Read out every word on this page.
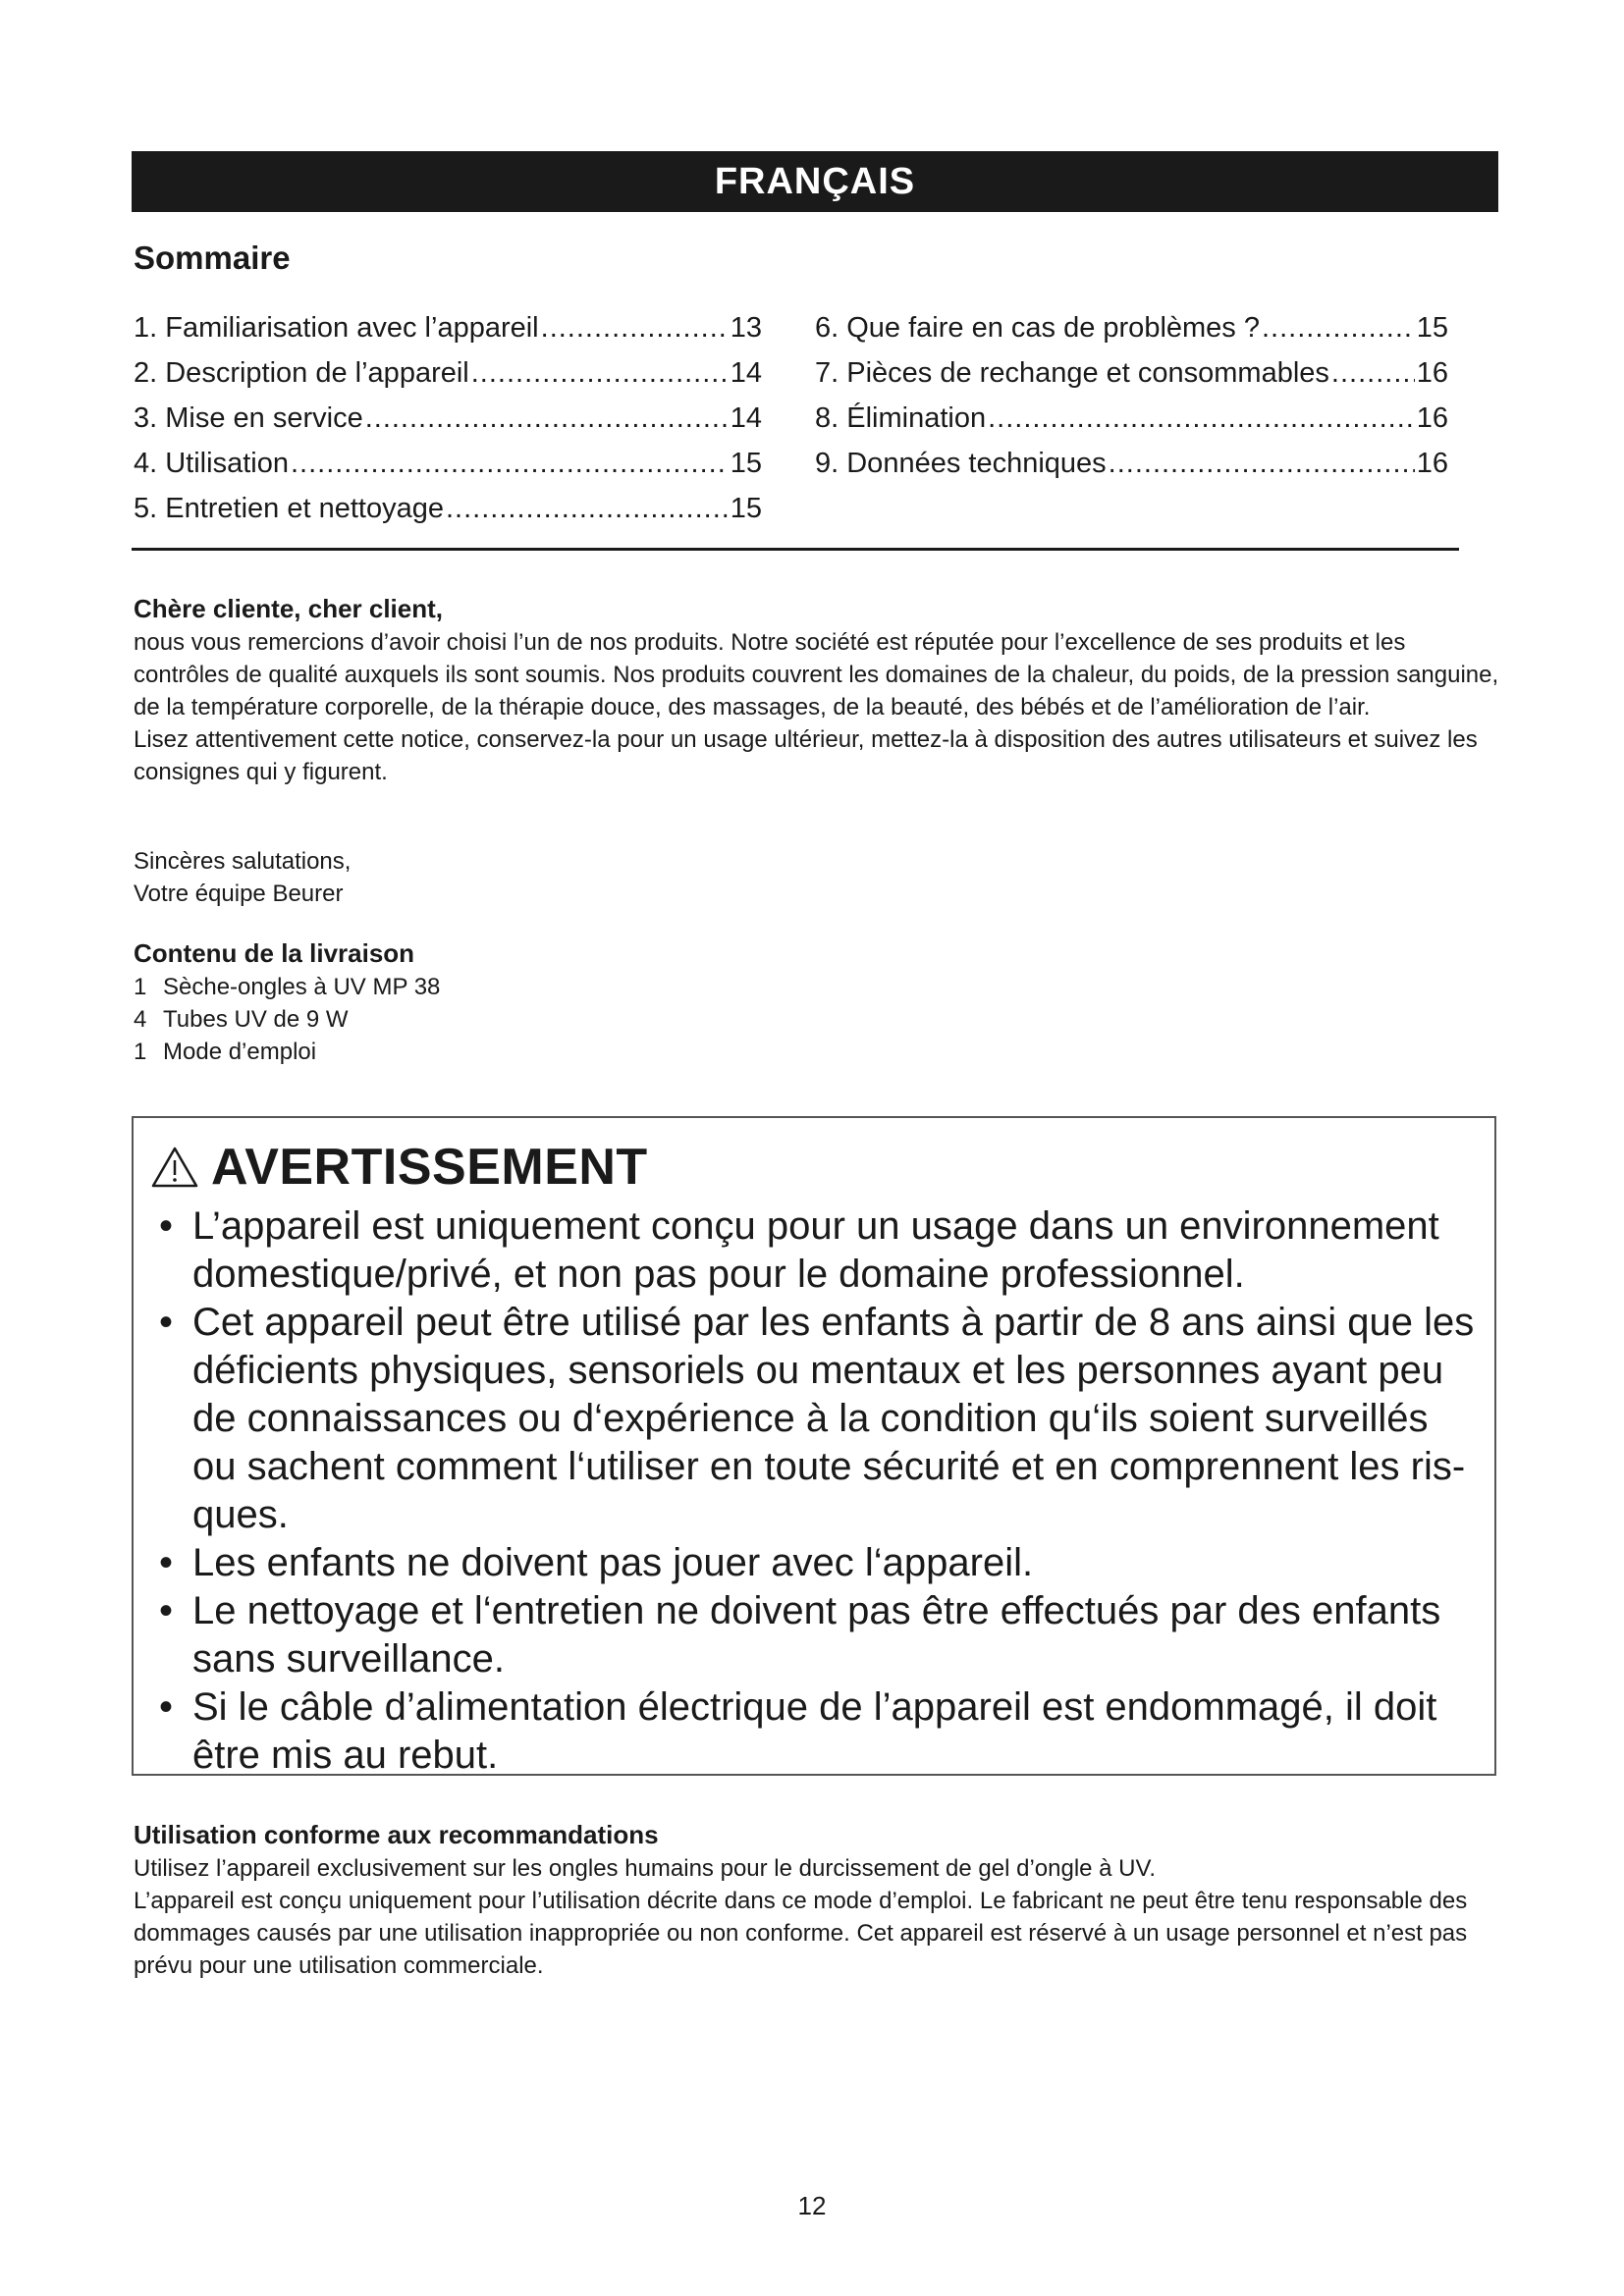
FRANÇAIS
Sommaire
1. Familiarisation avec l’appareil .....	13
2. Description de l’appareil .....	14
3. Mise en service .....	14
4. Utilisation .....	15
5. Entretien et nettoyage .....	15
6. Que faire en cas de problèmes ? .....	15
7. Pièces de rechange et consommables .....	16
8. Élimination .....	16
9. Données techniques .....	16
Chère cliente, cher client,

nous vous remercions d’avoir choisi l’un de nos produits. Notre société est réputée pour l’excellence de ses produits et les contrôles de qualité auxquels ils sont soumis. Nos produits couvrent les domaines de la chaleur, du poids, de la pression sanguine, de la température corporelle, de la thérapie douce, des massages, de la beauté, des bébés et de l’amélioration de l’air.

Lisez attentivement cette notice, conservez-la pour un usage ultérieur, mettez-la à disposition des autres utilisateurs et suivez les consignes qui y figurent.

Sincères salutations,

Votre équipe Beurer

Contenu de la livraison
1 Sèche-ongles à UV MP 38
4 Tubes UV de 9 W
1 Mode d’emploi
AVERTISSEMENT
• L’appareil est uniquement conçu pour un usage dans un environnement domestique/privé, et non pas pour le domaine professionnel.
• Cet appareil peut être utilisé par les enfants à partir de 8 ans ainsi que les déficients physiques, sensoriels ou mentaux et les personnes ayant peu de connaissances ou d‘expérience à la condition qu‘ils soient surveillés ou sachent comment l‘utiliser en toute sécurité et en comprennent les ris-ques.
• Les enfants ne doivent pas jouer avec l‘appareil.
• Le nettoyage et l‘entretien ne doivent pas être effectués par des enfants sans surveillance.
• Si le câble d’alimentation électrique de l’appareil est endommagé, il doit être mis au rebut.
Utilisation conforme aux recommandations

Utilisez l’appareil exclusivement sur les ongles humains pour le durcissement de gel d’ongle à UV.

L’appareil est conçu uniquement pour l’utilisation décrite dans ce mode d’emploi. Le fabricant ne peut être tenu responsable des dommages causés par une utilisation inappropriée ou non conforme. Cet appareil est réservé à un usage personnel et n’est pas prévu pour une utilisation commerciale.

12
